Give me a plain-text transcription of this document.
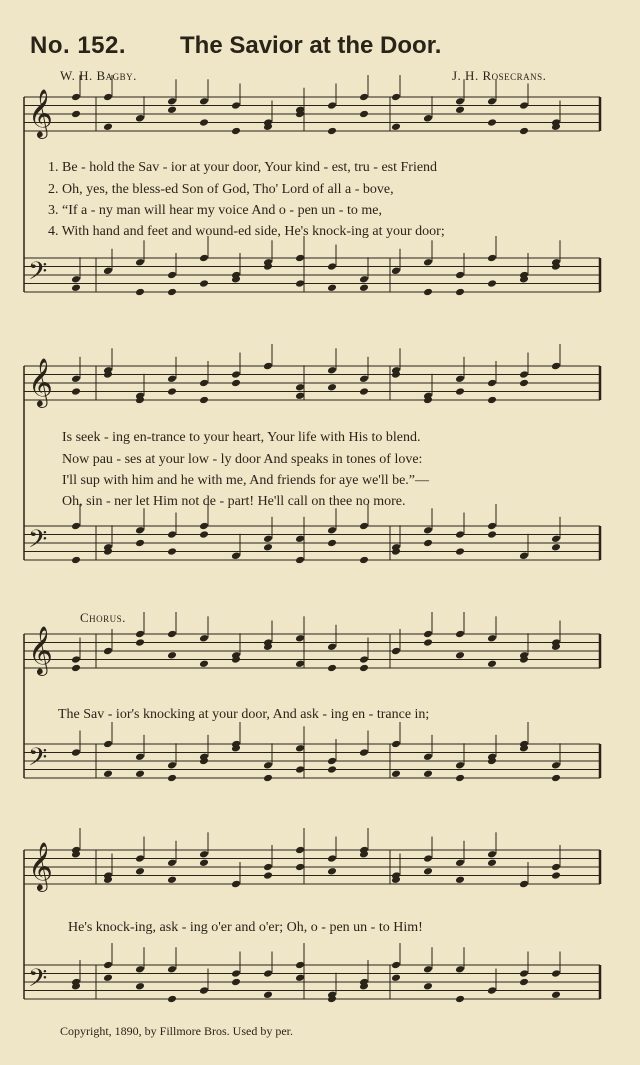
No. 152. The Savior at the Door.
W. H. Bagby.	J. H. Rosecrans.
𝄞
𝄢
𝄞
𝄢
𝄞
𝄢
𝄞
𝄢
1. Be - hold the Sav - ior at your door, Your kind - est, tru - est Friend
2. Oh, yes, the bless-ed Son of God, Tho' Lord of all a - bove,
3. “If a - ny man will hear my voice And o - pen un - to me,
4. With hand and feet and wound-ed side, He's knock-ing at your door;
Is seek - ing en-trance to your heart, Your life with His to blend.
Now pau - ses at your low - ly door And speaks in tones of love:
I'll sup with him and he with me, And friends for aye we'll be.”—
Oh, sin - ner let Him not de - part! He'll call on thee no more.
Chorus.
The Sav - ior's knocking at your door, And ask - ing en - trance in;
He's knock-ing, ask - ing o'er and o'er; Oh, o - pen un - to Him!
Copyright, 1890, by Fillmore Bros. Used by per.
